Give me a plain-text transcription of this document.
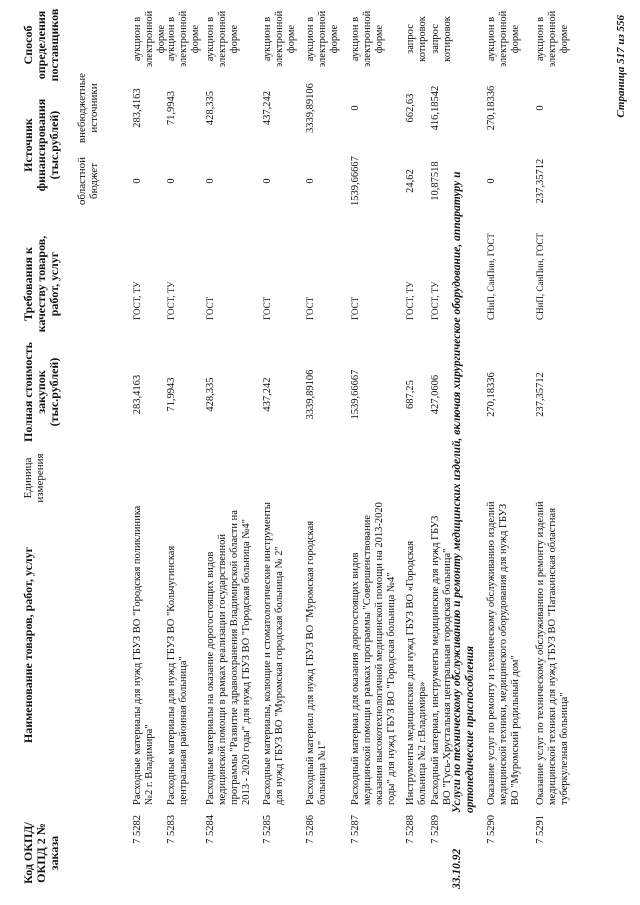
Код ОКПД/ ОКПД 2 № заказа
Наименование товаров, работ, услуг
Единица измерения
Полная стоимость закупок (тыс.рублей)
Требования к качеству товаров, работ, услуг
Источник финансирования (тыс.рублей)
областной бюджет
внебюджетные источники
Способ определения поставщиков
7 5282
Расходные материалы для нужд ГБУЗ ВО "Городская поликлиника №2 г. Владимира"
283,4163
ГОСТ, ТУ
0
283,4163
аукцион в электронной форме
7 5283
Расходные материалы для нужд ГБУЗ ВО "Кольчугинская центральная районная больница"
71,9943
ГОСТ, ТУ
0
71,9943
аукцион в электронной форме
7 5284
Расходные материалы на оказание дорогостоящих видов медицинской помощи в рамках реализации государственной программы "Развитие здравоохранения Владимирской области на 2013 - 2020 годы" для нужд ГБУЗ ВО "Городская больница №4"
428,335
ГОСТ
0
428,335
аукцион в электронной форме
7 5285
Расходные материалы, колющие и стоматологические инструменты для нужд ГБУЗ ВО "Муромская городская больница № 2"
437,242
ГОСТ
0
437,242
аукцион в электронной форме
7 5286
Расходный материал для нужд ГБУЗ ВО "Муромская городская больница №1"
3339,89106
ГОСТ
0
3339,89106
аукцион в электронной форме
7 5287
Расходный материал для оказания дорогостоящих видов медицинской помощи в рамках программы "Совершенствование оказания высокотехнологичной медицинской помощи на 2013-2020 годы" для нужд ГБУЗ ВО "Городская больница №4"
1539,66667
ГОСТ
1539,66667
0
аукцион в электронной форме
7 5288
Инструменты медицинские для нужд ГБУЗ ВО «Городская больница №2 г.Владимира»
687,25
ГОСТ, ТУ
24,62
662,63
запрос котировок
7 5289
Расходный материал, инструменты медицинские для нужд ГБУЗ ВО "Гусь-Хрустальная центральная городская больница"
427,0606
ГОСТ, ТУ
10,87518
416,18542
запрос котировок
33.10.92
Услуги по техническому обслуживанию и ремонту медицинских изделий, включая хирургическое оборудование, аппаратуру и ортопедические приспособления
7 5290
Оказание услуг по ремонту и техническому обслуживанию изделий медицинской техники, медицинского оборудования для нужд ГБУЗ ВО "Муромский родильный дом"
270,18336
СНиП, СанПин, ГОСТ
0
270,18336
аукцион в электронной форме
7 5291
Оказание услуг по техническому обслуживанию и ремонту изделий медицинской техники для нужд ГБУЗ ВО "Патакинская областная туберкулезная больница"
237,35712
СНиП, СанПин, ГОСТ
237,35712
0
аукцион в электронной форме	Страница 517 из 556
